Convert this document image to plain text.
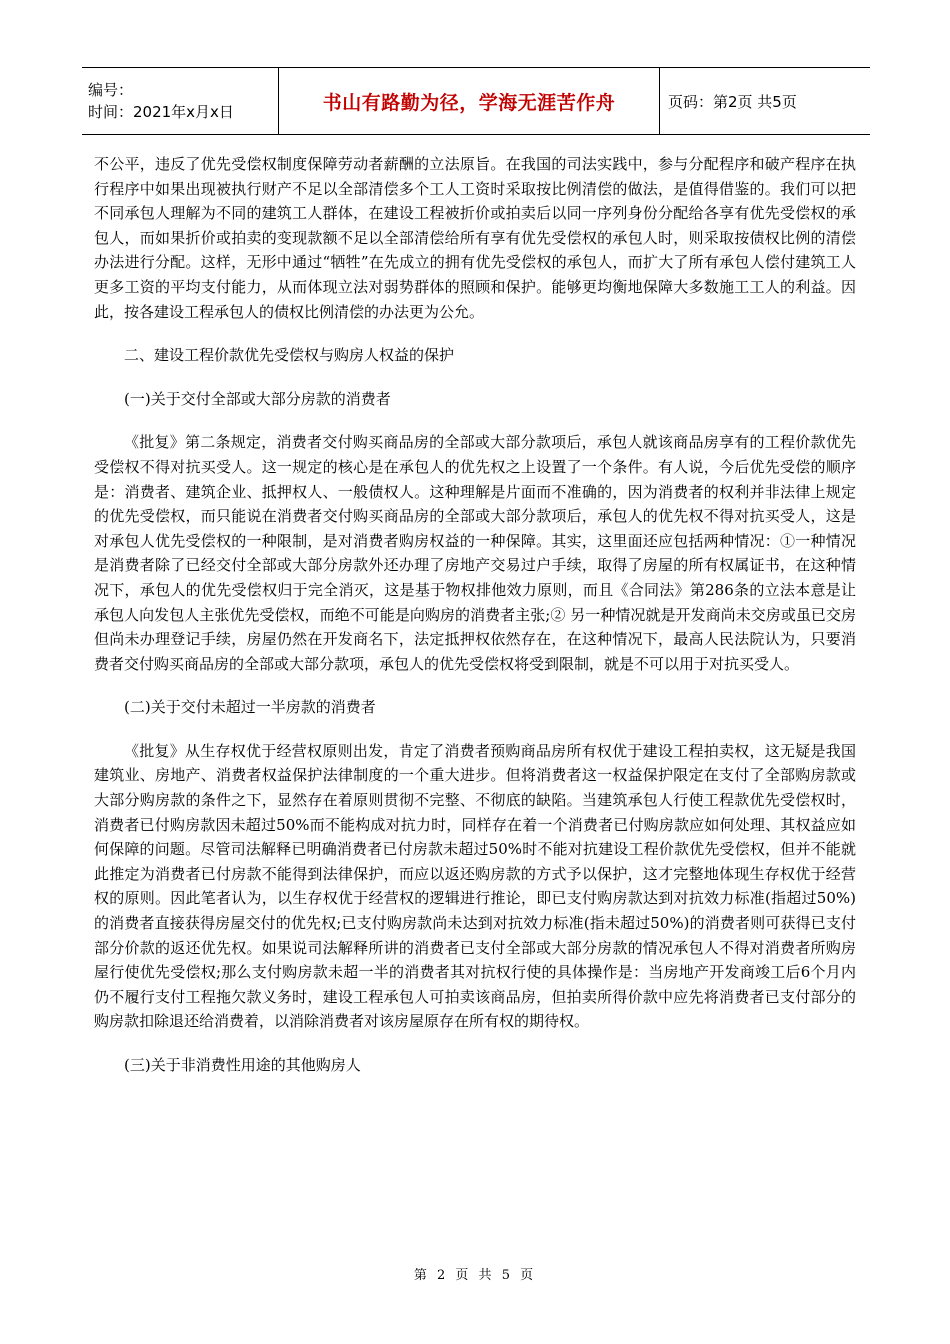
编号：
时间：2021年x月x日	书山有路勤为径，学海无涯苦作舟	页码：第2页 共5页

不公平，违反了优先受偿权制度保障劳动者薪酬的立法原旨。在我国的司法实践中，参与分配程序和破产程序在执行程序中如果出现被执行财产不足以全部清偿多个工人工资时采取按比例清偿的做法，是值得借鉴的。我们可以把不同承包人理解为不同的建筑工人群体，在建设工程被折价或拍卖后以同一序列身份分配给各享有优先受偿权的承包人，而如果折价或拍卖的变现款额不足以全部清偿给所有享有优先受偿权的承包人时，则采取按债权比例的清偿办法进行分配。这样，无形中通过“牺牲”在先成立的拥有优先受偿权的承包人，而扩大了所有承包人偿付建筑工人更多工资的平均支付能力，从而体现立法对弱势群体的照顾和保护。能够更均衡地保障大多数施工工人的利益。因此，按各建设工程承包人的债权比例清偿的办法更为公允。

二、建设工程价款优先受偿权与购房人权益的保护

(一)关于交付全部或大部分房款的消费者

《批复》第二条规定，消费者交付购买商品房的全部或大部分款项后，承包人就该商品房享有的工程价款优先受偿权不得对抗买受人。这一规定的核心是在承包人的优先权之上设置了一个条件。有人说，今后优先受偿的顺序是：消费者、建筑企业、抵押权人、一般债权人。这种理解是片面而不准确的，因为消费者的权利并非法律上规定的优先受偿权，而只能说在消费者交付购买商品房的全部或大部分款项后，承包人的优先权不得对抗买受人，这是对承包人优先受偿权的一种限制，是对消费者购房权益的一种保障。其实，这里面还应包括两种情况：①一种情况是消费者除了已经交付全部或大部分房款外还办理了房地产交易过户手续，取得了房屋的所有权属证书，在这种情况下，承包人的优先受偿权归于完全消灭，这是基于物权排他效力原则，而且《合同法》第286条的立法本意是让承包人向发包人主张优先受偿权，而绝不可能是向购房的消费者主张;② 另一种情况就是开发商尚未交房或虽已交房但尚未办理登记手续，房屋仍然在开发商名下，法定抵押权依然存在，在这种情况下，最高人民法院认为，只要消费者交付购买商品房的全部或大部分款项，承包人的优先受偿权将受到限制，就是不可以用于对抗买受人。

(二)关于交付未超过一半房款的消费者

《批复》从生存权优于经营权原则出发，肯定了消费者预购商品房所有权优于建设工程拍卖权，这无疑是我国建筑业、房地产、消费者权益保护法律制度的一个重大进步。但将消费者这一权益保护限定在支付了全部购房款或大部分购房款的条件之下，显然存在着原则贯彻不完整、不彻底的缺陷。当建筑承包人行使工程款优先受偿权时，消费者已付购房款因未超过50%而不能构成对抗力时，同样存在着一个消费者已付购房款应如何处理、其权益应如何保障的问题。尽管司法解释已明确消费者已付房款未超过50%时不能对抗建设工程价款优先受偿权，但并不能就此推定为消费者已付房款不能得到法律保护，而应以返还购房款的方式予以保护，这才完整地体现生存权优于经营权的原则。因此笔者认为，以生存权优于经营权的逻辑进行推论，即已支付购房款达到对抗效力标准(指超过50%)的消费者直接获得房屋交付的优先权;已支付购房款尚未达到对抗效力标准(指未超过50%)的消费者则可获得已支付部分价款的返还优先权。如果说司法解释所讲的消费者已支付全部或大部分房款的情况承包人不得对消费者所购房屋行使优先受偿权;那么支付购房款未超一半的消费者其对抗权行使的具体操作是：当房地产开发商竣工后6个月内仍不履行支付工程拖欠款义务时，建设工程承包人可拍卖该商品房，但拍卖所得价款中应先将消费者已支付部分的购房款扣除退还给消费着，以消除消费者对该房屋原存在所有权的期待权。

(三)关于非消费性用途的其他购房人

第 2 页 共 5 页
